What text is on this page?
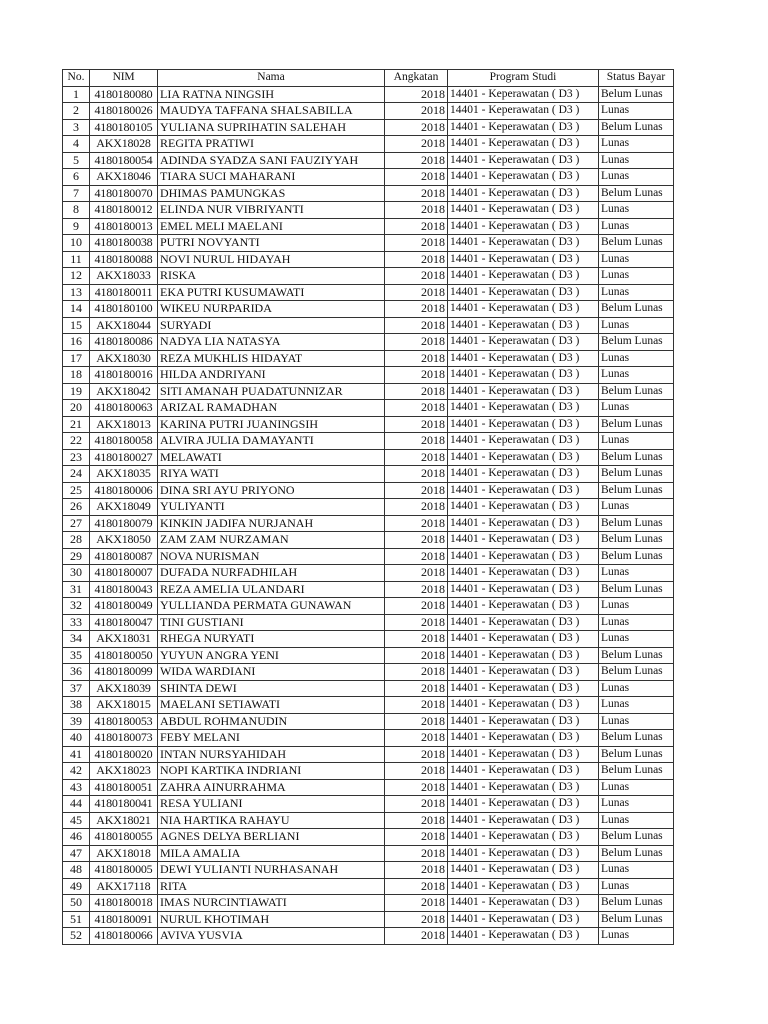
No.	NIM	Nama	Angkatan	Program Studi	Status Bayar
1	4180180080	LIA RATNA NINGSIH	2018	14401 - Keperawatan ( D3 )	Belum Lunas
2	4180180026	MAUDYA TAFFANA SHALSABILLA	2018	14401 - Keperawatan ( D3 )	Lunas
3	4180180105	YULIANA SUPRIHATIN SALEHAH	2018	14401 - Keperawatan ( D3 )	Belum Lunas
4	AKX18028	REGITA PRATIWI	2018	14401 - Keperawatan ( D3 )	Lunas
5	4180180054	ADINDA SYADZA SANI FAUZIYYAH	2018	14401 - Keperawatan ( D3 )	Lunas
6	AKX18046	TIARA SUCI MAHARANI	2018	14401 - Keperawatan ( D3 )	Lunas
7	4180180070	DHIMAS PAMUNGKAS	2018	14401 - Keperawatan ( D3 )	Belum Lunas
8	4180180012	ELINDA NUR VIBRIYANTI	2018	14401 - Keperawatan ( D3 )	Lunas
9	4180180013	EMEL MELI MAELANI	2018	14401 - Keperawatan ( D3 )	Lunas
10	4180180038	PUTRI NOVYANTI	2018	14401 - Keperawatan ( D3 )	Belum Lunas
11	4180180088	NOVI NURUL HIDAYAH	2018	14401 - Keperawatan ( D3 )	Lunas
12	AKX18033	RISKA	2018	14401 - Keperawatan ( D3 )	Lunas
13	4180180011	EKA PUTRI KUSUMAWATI	2018	14401 - Keperawatan ( D3 )	Lunas
14	4180180100	WIKEU NURPARIDA	2018	14401 - Keperawatan ( D3 )	Belum Lunas
15	AKX18044	SURYADI	2018	14401 - Keperawatan ( D3 )	Lunas
16	4180180086	NADYA LIA NATASYA	2018	14401 - Keperawatan ( D3 )	Belum Lunas
17	AKX18030	REZA MUKHLIS HIDAYAT	2018	14401 - Keperawatan ( D3 )	Lunas
18	4180180016	HILDA ANDRIYANI	2018	14401 - Keperawatan ( D3 )	Lunas
19	AKX18042	SITI AMANAH PUADATUNNIZAR	2018	14401 - Keperawatan ( D3 )	Belum Lunas
20	4180180063	ARIZAL RAMADHAN	2018	14401 - Keperawatan ( D3 )	Lunas
21	AKX18013	KARINA PUTRI JUANINGSIH	2018	14401 - Keperawatan ( D3 )	Belum Lunas
22	4180180058	ALVIRA JULIA DAMAYANTI	2018	14401 - Keperawatan ( D3 )	Lunas
23	4180180027	MELAWATI	2018	14401 - Keperawatan ( D3 )	Belum Lunas
24	AKX18035	RIYA WATI	2018	14401 - Keperawatan ( D3 )	Belum Lunas
25	4180180006	DINA SRI AYU PRIYONO	2018	14401 - Keperawatan ( D3 )	Belum Lunas
26	AKX18049	YULIYANTI	2018	14401 - Keperawatan ( D3 )	Lunas
27	4180180079	KINKIN JADIFA NURJANAH	2018	14401 - Keperawatan ( D3 )	Belum Lunas
28	AKX18050	ZAM ZAM NURZAMAN	2018	14401 - Keperawatan ( D3 )	Belum Lunas
29	4180180087	NOVA NURISMAN	2018	14401 - Keperawatan ( D3 )	Belum Lunas
30	4180180007	DUFADA NURFADHILAH	2018	14401 - Keperawatan ( D3 )	Lunas
31	4180180043	REZA AMELIA ULANDARI	2018	14401 - Keperawatan ( D3 )	Belum Lunas
32	4180180049	YULLIANDA PERMATA GUNAWAN	2018	14401 - Keperawatan ( D3 )	Lunas
33	4180180047	TINI GUSTIANI	2018	14401 - Keperawatan ( D3 )	Lunas
34	AKX18031	RHEGA NURYATI	2018	14401 - Keperawatan ( D3 )	Lunas
35	4180180050	YUYUN ANGRA YENI	2018	14401 - Keperawatan ( D3 )	Belum Lunas
36	4180180099	WIDA WARDIANI	2018	14401 - Keperawatan ( D3 )	Belum Lunas
37	AKX18039	SHINTA DEWI	2018	14401 - Keperawatan ( D3 )	Lunas
38	AKX18015	MAELANI SETIAWATI	2018	14401 - Keperawatan ( D3 )	Lunas
39	4180180053	ABDUL ROHMANUDIN	2018	14401 - Keperawatan ( D3 )	Lunas
40	4180180073	FEBY MELANI	2018	14401 - Keperawatan ( D3 )	Belum Lunas
41	4180180020	INTAN NURSYAHIDAH	2018	14401 - Keperawatan ( D3 )	Belum Lunas
42	AKX18023	NOPI KARTIKA INDRIANI	2018	14401 - Keperawatan ( D3 )	Belum Lunas
43	4180180051	ZAHRA AINURRAHMA	2018	14401 - Keperawatan ( D3 )	Lunas
44	4180180041	RESA YULIANI	2018	14401 - Keperawatan ( D3 )	Lunas
45	AKX18021	NIA HARTIKA RAHAYU	2018	14401 - Keperawatan ( D3 )	Lunas
46	4180180055	AGNES DELYA BERLIANI	2018	14401 - Keperawatan ( D3 )	Belum Lunas
47	AKX18018	MILA AMALIA	2018	14401 - Keperawatan ( D3 )	Belum Lunas
48	4180180005	DEWI YULIANTI NURHASANAH	2018	14401 - Keperawatan ( D3 )	Lunas
49	AKX17118	RITA	2018	14401 - Keperawatan ( D3 )	Lunas
50	4180180018	IMAS NURCINTIAWATI	2018	14401 - Keperawatan ( D3 )	Belum Lunas
51	4180180091	NURUL KHOTIMAH	2018	14401 - Keperawatan ( D3 )	Belum Lunas
52	4180180066	AVIVA YUSVIA	2018	14401 - Keperawatan ( D3 )	Lunas
